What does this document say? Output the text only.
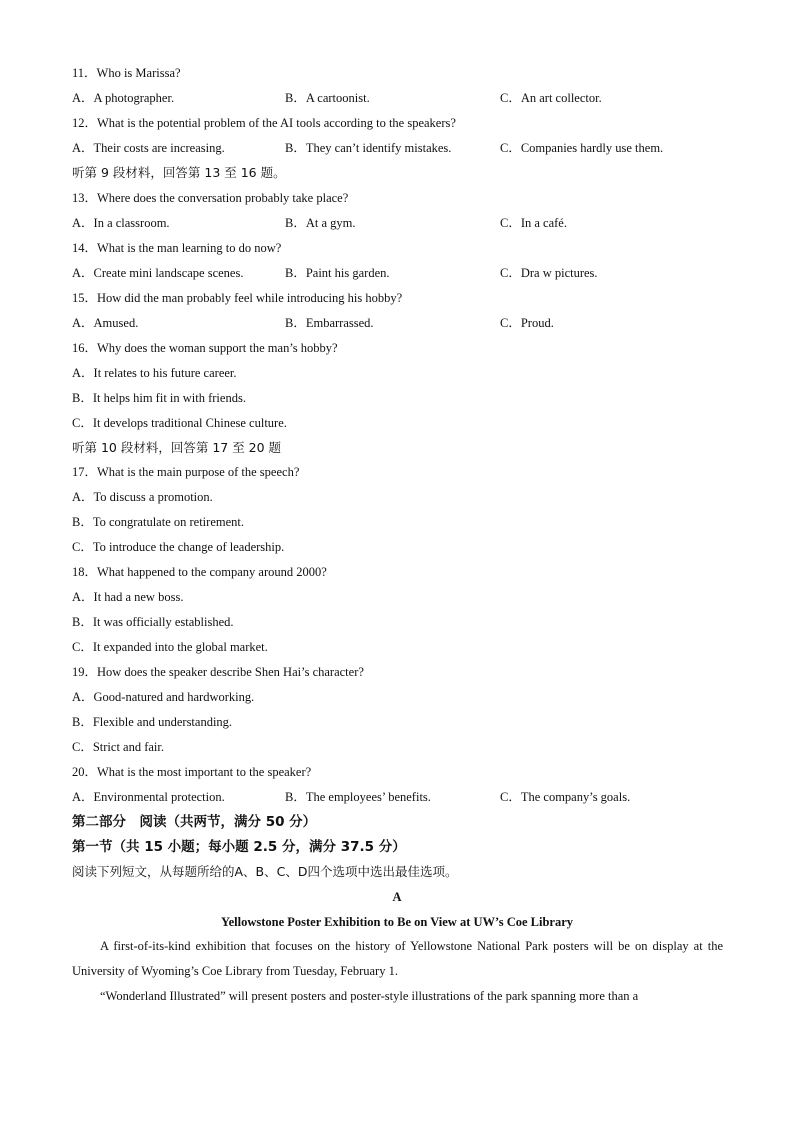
11．Who is Marissa?
A．A photographer.	B．A cartoonist.	C．An art collector.
12．What is the potential problem of the AI tools according to the speakers?
A．Their costs are increasing.	B．They can’t identify mistakes.	C．Companies hardly use them.
听第 9 段材料，回答第 13 至 16 题。
13．Where does the conversation probably take place?
A．In a classroom.	B．At a gym.	C．In a café.
14．What is the man learning to do now?
A．Create mini landscape scenes.	B．Paint his garden.	C．Dra w pictures.
15．How did the man probably feel while introducing his hobby?
A．Amused.	B．Embarrassed.	C．Proud.
16．Why does the woman support the man’s hobby?
A．It relates to his future career.
B．It helps him fit in with friends.
C．It develops traditional Chinese culture.
听第 10 段材料，回答第 17 至 20 题
17．What is the main purpose of the speech?
A．To discuss a promotion.
B．To congratulate on retirement.
C．To introduce the change of leadership.
18．What happened to the company around 2000?
A．It had a new boss.
B．It was officially established.
C．It expanded into the global market.
19．How does the speaker describe Shen Hai’s character?
A．Good-natured and hardworking.
B．Flexible and understanding.
C．Strict and fair.
20．What is the most important to the speaker?
A．Environmental protection.	B．The employees’ benefits.	C．The company’s goals.
第二部分　阅读（共两节，满分 50 分）
第一节（共 15 小题；每小题 2.5 分，满分 37.5 分）
阅读下列短文，从每题所给的A、B、C、D四个选项中选出最佳选项。
A
Yellowstone Poster Exhibition to Be on View at UW’s Coe Library
A first-of-its-kind exhibition that focuses on the history of Yellowstone National Park posters will be on display at the University of Wyoming’s Coe Library from Tuesday, February 1.
“Wonderland Illustrated” will present posters and poster-style illustrations of the park spanning more than a
